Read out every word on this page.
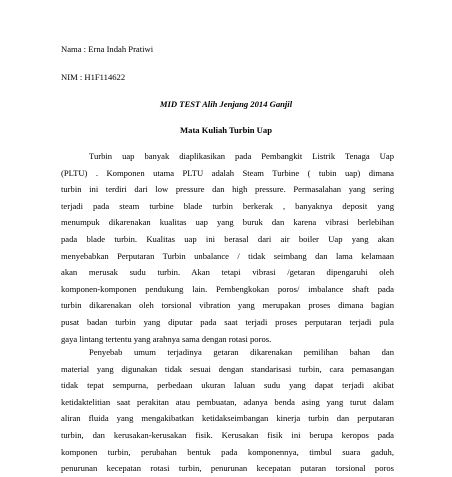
Nama : Erna Indah Pratiwi
NIM : H1F114622
MID TEST Alih Jenjang 2014 Ganjil
Mata Kuliah Turbin Uap
Turbin uap banyak diaplikasikan pada Pembangkit Listrik Tenaga Uap
(PLTU) . Komponen utama PLTU adalah Steam Turbine ( tubin uap) dimana
turbin ini terdiri dari low pressure dan high pressure. Permasalahan yang sering
terjadi pada steam turbine blade turbin berkerak , banyaknya deposit yang
menumpuk dikarenakan kualitas uap yang buruk dan karena vibrasi berlebihan
pada blade turbin. Kualitas uap ini berasal dari air boiler Uap yang akan
menyebabkan Perputaran Turbin unbalance / tidak seimbang dan lama kelamaan
akan merusak sudu turbin. Akan tetapi vibrasi /getaran dipengaruhi oleh
komponen-komponen pendukung lain. Pembengkokan poros/ imbalance shaft pada
turbin dikarenakan oleh torsional vibration yang merupakan proses dimana bagian
pusat badan turbin yang diputar pada saat terjadi proses perputaran terjadi pula
gaya lintang tertentu yang arahnya sama dengan rotasi poros.
Penyebab umum terjadinya getaran dikarenakan pemilihan bahan dan
material yang digunakan tidak sesuai dengan standarisasi turbin, cara pemasangan
tidak tepat sempurna, perbedaan ukuran laluan sudu yang dapat terjadi akibat
ketidaktelitian saat perakitan atau pembuatan, adanya benda asing yang turut dalam
aliran fluida yang mengakibatkan ketidakseimbangan kinerja turbin dan perputaran
turbin, dan kerusakan-kerusakan fisik. Kerusakan fisik ini berupa keropos pada
komponen turbin, perubahan bentuk pada komponennya, timbul suara gaduh,
penurunan kecepatan rotasi turbin, penurunan kecepatan putaran torsional poros
